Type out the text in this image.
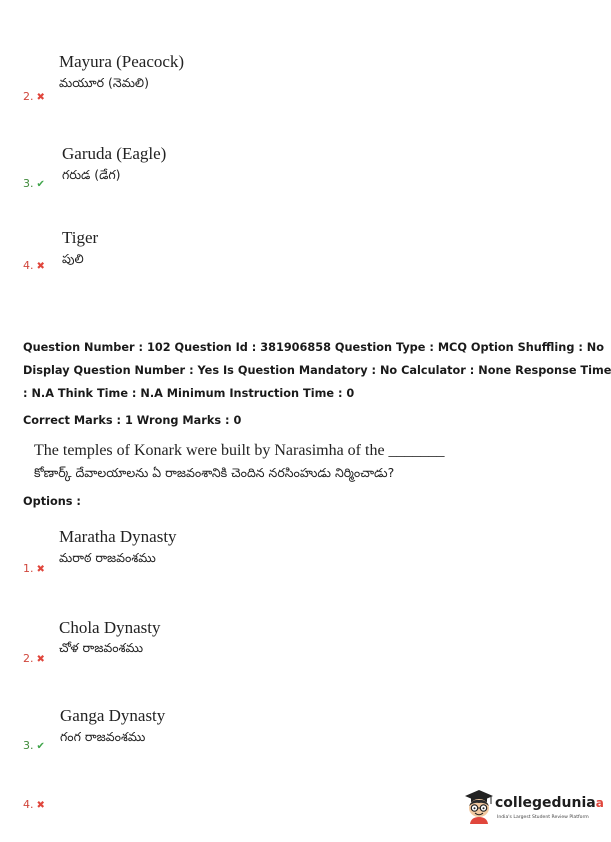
Mayura (Peacock)
మయూర (నెమలి)
2. ✖
Garuda (Eagle)
గరుడ (డేగ)
3. ✔
Tiger
పులి
4. ✖
Question Number : 102 Question Id : 381906858 Question Type : MCQ Option Shuffling : No
Display Question Number : Yes Is Question Mandatory : No Calculator : None Response Time
: N.A Think Time : N.A Minimum Instruction Time : 0
Correct Marks : 1 Wrong Marks : 0
The temples of Konark were built by Narasimha of the _______
కోణార్క్ దేవాలయాలను ఏ రాజవంశానికి చెందిన నరసింహుడు నిర్మించాడు?
Options :
Maratha Dynasty
మరాఠ రాజవంశము
1. ✖
Chola Dynasty
చోళ రాజవంశము
2. ✖
Ganga Dynasty
గంగ రాజవంశము
3. ✔
4. ✖	collegeduniaa
India's Largest Student Review Platform
